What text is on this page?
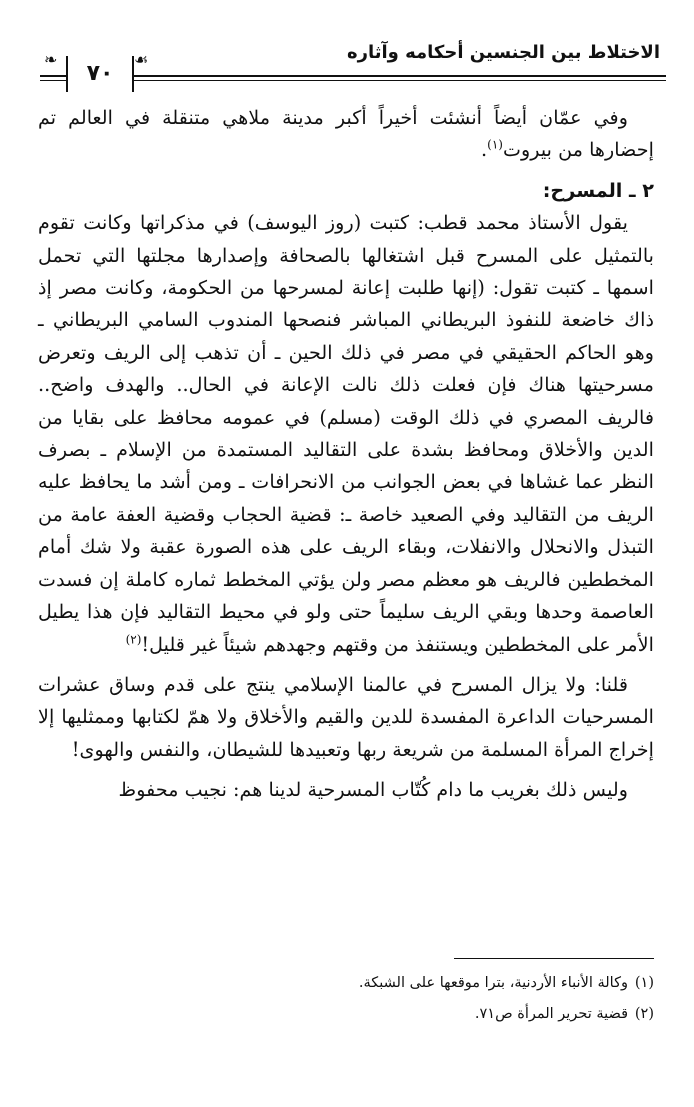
الاختلاط بين الجنسين أحكامه وآثاره
❧
٧٠
☙

وفي عمّان أيضاً أنشئت أخيراً أكبر مدينة ملاهي متنقلة في العالم تم إحضارها من بيروت$^{(١)}$.

٢ ـ المسرح:

يقول الأستاذ محمد قطب: كتبت (روز اليوسف) في مذكراتها وكانت تقوم بالتمثيل على المسرح قبل اشتغالها بالصحافة وإصدارها مجلتها التي تحمل اسمها ـ كتبت تقول: (إنها طلبت إعانة لمسرحها من الحكومة، وكانت مصر إذ ذاك خاضعة للنفوذ البريطاني المباشر فنصحها المندوب السامي البريطاني ـ وهو الحاكم الحقيقي في مصر في ذلك الحين ـ أن تذهب إلى الريف وتعرض مسرحيتها هناك فإن فعلت ذلك نالت الإعانة في الحال.. والهدف واضح.. فالريف المصري في ذلك الوقت (مسلم) في عمومه محافظ على بقايا من الدين والأخلاق ومحافظ بشدة على التقاليد المستمدة من الإسلام ـ بصرف النظر عما غشاها في بعض الجوانب من الانحرافات ـ ومن أشد ما يحافظ عليه الريف من التقاليد وفي الصعيد خاصة ـ: قضية الحجاب وقضية العفة عامة من التبذل والانحلال والانفلات، وبقاء الريف على هذه الصورة عقبة ولا شك أمام المخططين فالريف هو معظم مصر ولن يؤتي المخطط ثماره كاملة إن فسدت العاصمة وحدها وبقي الريف سليماً حتى ولو في محيط التقاليد فإن هذا يطيل الأمر على المخططين ويستنفذ من وقتهم وجهدهم شيئاً غير قليل!$^{(٢)}$

قلنا: ولا يزال المسرح في عالمنا الإسلامي ينتج على قدم وساق عشرات المسرحيات الداعرة المفسدة للدين والقيم والأخلاق ولا همّ لكتابها وممثليها إلا إخراج المرأة المسلمة من شريعة ربها وتعبيدها للشيطان، والنفس والهوى!

وليس ذلك بغريب ما دام كُتّاب المسرحية لدينا هم: نجيب محفوظ

(١)وكالة الأنباء الأردنية، بترا موقعها على الشبكة.
(٢)قضية تحرير المرأة ص٧١.
